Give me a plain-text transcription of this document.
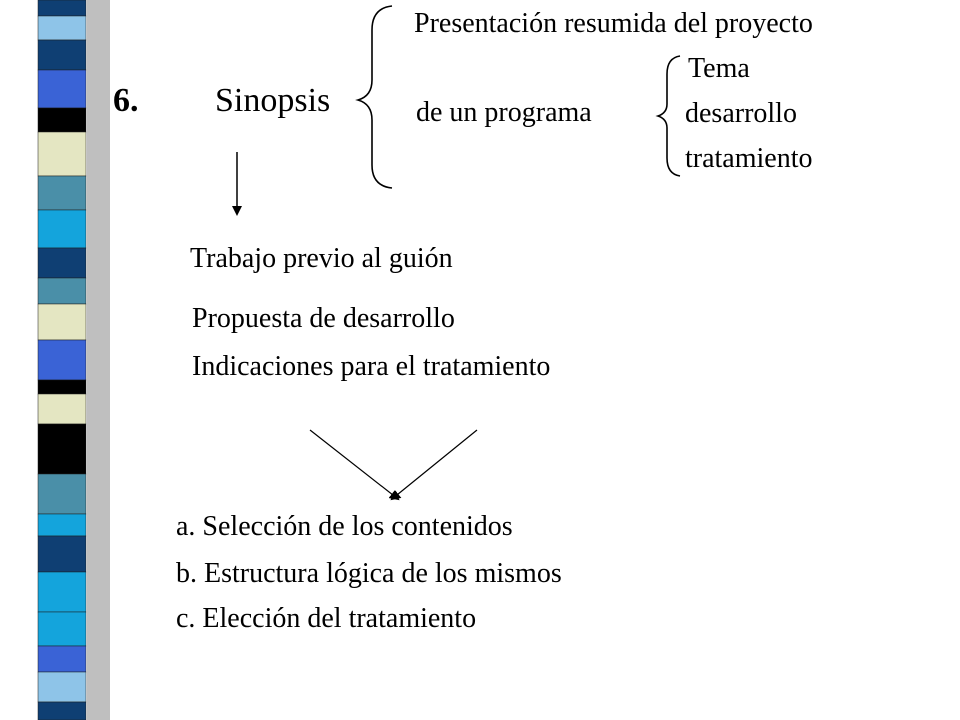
6. Sinopsis
Presentación resumida del proyecto
de un programa
Tema
desarrollo
tratamiento
Trabajo previo al guión
Propuesta de desarrollo
Indicaciones para el tratamiento
a. Selección de los contenidos
b. Estructura lógica de los mismos
c. Elección del tratamiento
